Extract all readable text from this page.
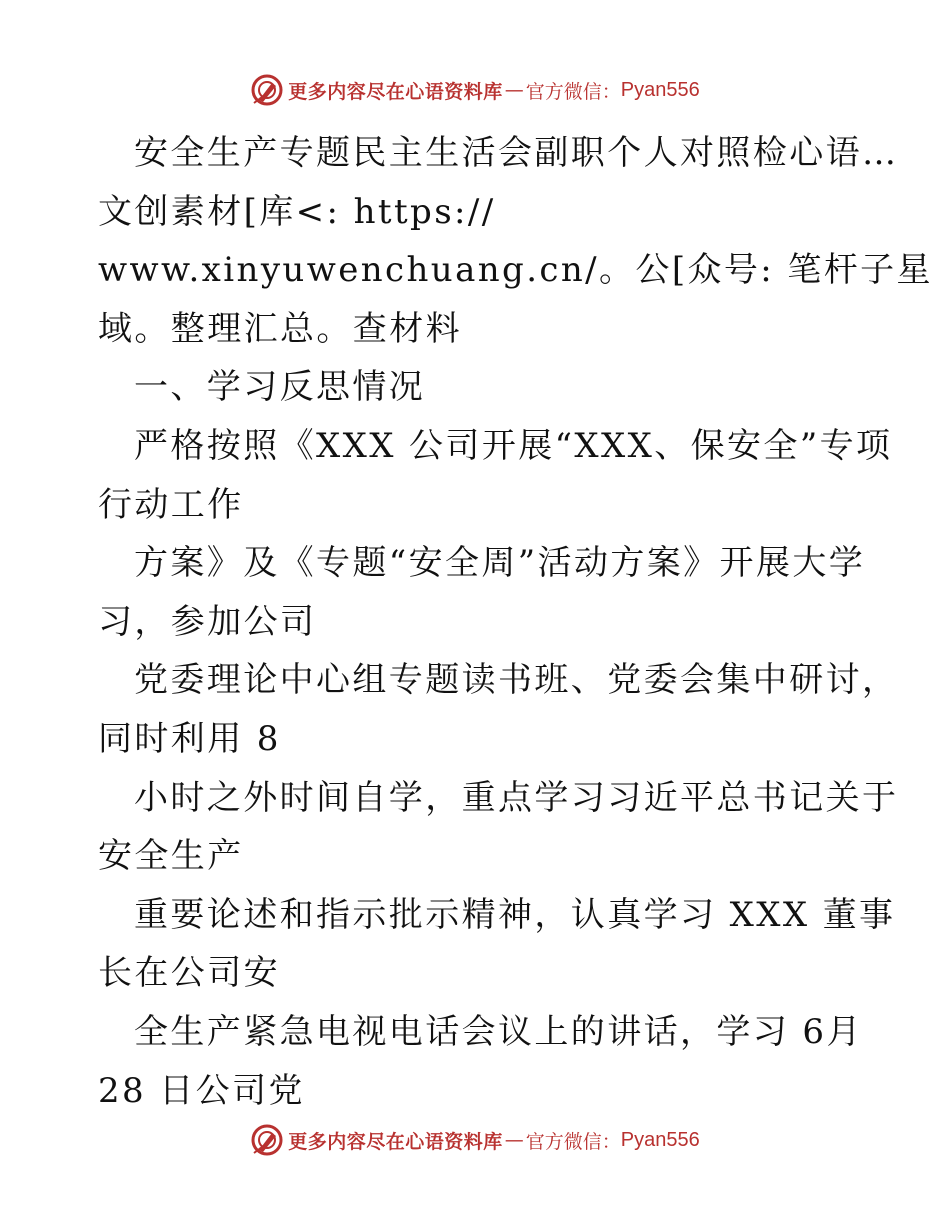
更多内容尽在心语资料库 — 官方微信： Pyan556
安全生产专题民主生活会副职个人对照检心语…
文创素材[库<: https://
www.xinyuwenchuang.cn/。公[众号: 笔杆子星
域。整理汇总。查材料
一、学习反思情况
严格按照《XXX 公司开展“XXX、保安全”专项
行动工作
方案》及《专题“安全周”活动方案》开展大学
习，参加公司
党委理论中心组专题读书班、党委会集中研讨，
同时利用 8
小时之外时间自学，重点学习习近平总书记关于
安全生产
重要论述和指示批示精神，认真学习 XXX 董事
长在公司安
全生产紧急电视电话会议上的讲话，学习 6月
28 日公司党
更多内容尽在心语资料库 — 官方微信： Pyan556
